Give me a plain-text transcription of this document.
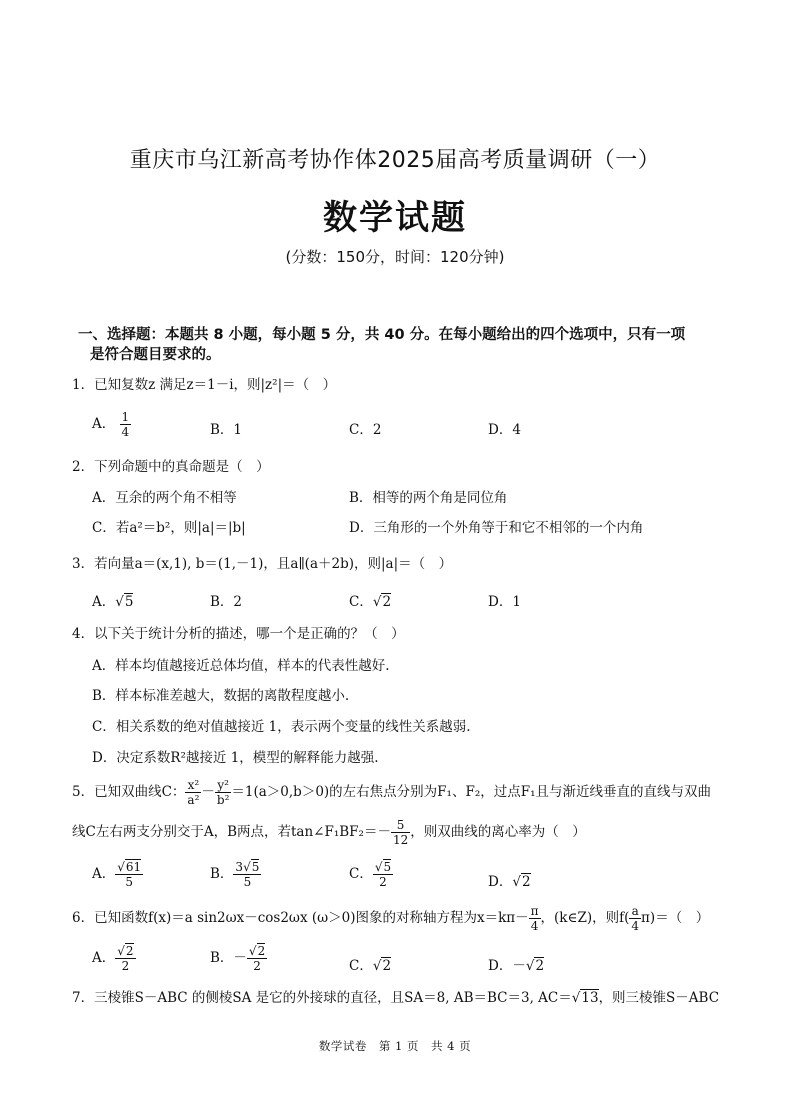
重庆市乌江新高考协作体2025届高考质量调研（一）
数学试题
(分数：150分，时间：120分钟)
一、选择题：本题共 8 小题，每小题 5 分，共 40 分。在每小题给出的四个选项中，只有一项
是符合题目要求的。
1．已知复数z 满足z＝1－i，则|z²|＝（　）
A． $\frac{1}{4}$	B．1	C．2	D．4
2．下列命题中的真命题是（　）
A．互余的两个角不相等	B．相等的两个角是同位角
C．若a²＝b²，则|a|＝|b|	D．三角形的一个外角等于和它不相邻的一个内角
3．若向量a＝(x,1), b＝(1,－1)，且a∥(a＋2b)，则|a|＝（　）
A．√5	B．2	C．√2	D．1
4．以下关于统计分析的描述，哪一个是正确的？（　）
A．样本均值越接近总体均值，样本的代表性越好.
B．样本标准差越大，数据的离散程度越小.
C．相关系数的绝对值越接近 1，表示两个变量的线性关系越弱.
D．决定系数R²越接近 1，模型的解释能力越强.
5．已知双曲线C： $\frac{\text{x²}}{\text{a²}} - \frac{\text{y²}}{\text{b²}} =1(a>0,b>0)$的左右焦点分别为F₁、F₂，过点F₁且与渐近线垂直的直线与双曲
线C左右两支分别交于A，B两点，若tan∠F₁BF₂＝－ $\frac{5}{12}$ ，则双曲线的离心率为（　）
A． $\frac{√61}{5}$	B． $\frac{3√5}{5}$	C． $\frac{√5}{2}$	D．√2
6．已知函数f(x)＝a sin2ωx－cos2ωx (ω＞0)图象的对称轴方程为$x=k\pi- \frac{\pi}{4}$ ，(k∈Z)，则$f( \frac{a}{4} \pi)=$（　）
A． $\frac{√2}{2}$	B．－ $\frac{√2}{2}$	C．√2	D．－√2
7．三棱锥S－ABC 的侧棱SA 是它的外接球的直径，且SA＝8, AB＝BC＝3, AC＝√13，则三棱锥S－ABC
数学试卷　第 1 页　共 4 页
